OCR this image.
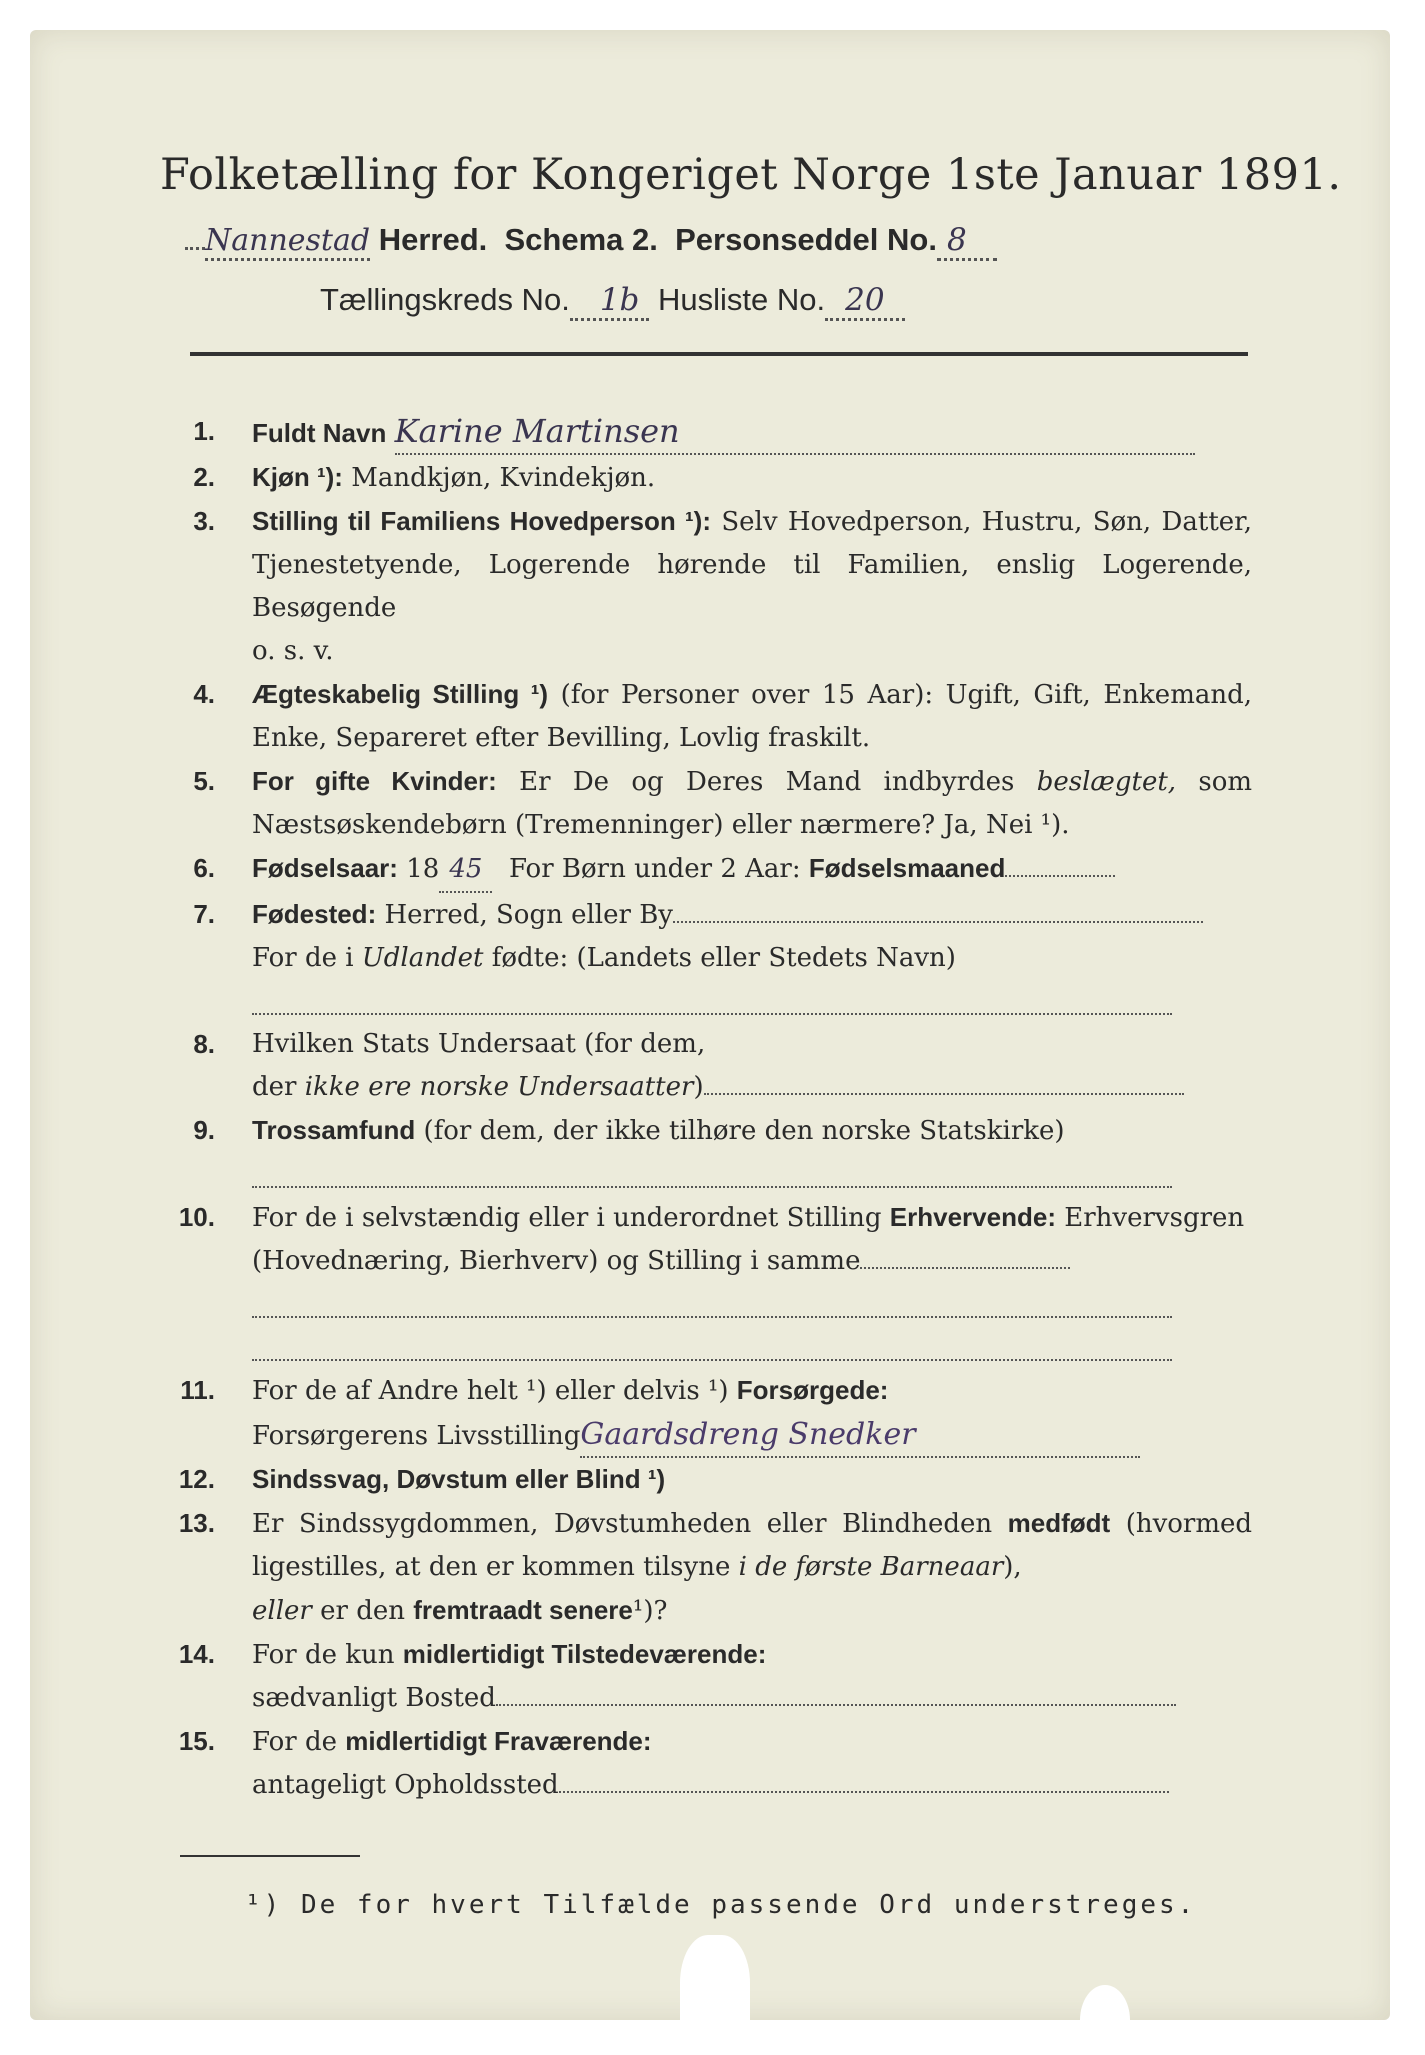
Folketælling for Kongeriget Norge 1ste Januar 1891.
Nannestad Herred. Schema 2. Personseddel No. 8
Tællingskreds No. 1b Husliste No. 20
1. Fuldt Navn Karine Martinsen
2. Kjøn ¹): Mandkjøn, Kvindekjøn.
3. Stilling til Familiens Hovedperson ¹): Selv Hovedperson, Hustru, Søn, Datter, Tjenestetyende, Logerende hørende til Familien, enslig Logerende, Besøgende
o. s. v.
4. Ægteskabelig Stilling ¹) (for Personer over 15 Aar): Ugift, Gift, Enkemand, Enke, Separeret efter Bevilling, Lovlig fraskilt.
5. For gifte Kvinder: Er De og Deres Mand indbyrdes beslægtet, som Næstsøskendebørn (Tremenninger) eller nærmere? Ja, Nei ¹).
6. Fødselsaar: 18 45 For Børn under 2 Aar: Fødselsmaaned
7. Fødested: Herred, Sogn eller By
For de i Udlandet fødte: (Landets eller Stedets Navn)
8. Hvilken Stats Undersaat (for dem,
der ikke ere norske Undersaatter)
9. Trossamfund (for dem, der ikke tilhøre den norske Statskirke)
10. For de i selvstændig eller i underordnet Stilling Erhvervende: Erhvervsgren (Hovednæring, Bierhverv) og Stilling i samme
11. For de af Andre helt ¹) eller delvis ¹) Forsørgede:
Forsørgerens LivsstillingGaardsdreng Snedker
12. Sindssvag, Døvstum eller Blind ¹)
13. Er Sindssygdommen, Døvstumheden eller Blindheden medfødt (hvormed ligestilles, at den er kommen tilsyne i de første Barneaar),
eller er den fremtraadt senere¹)?
14. For de kun midlertidigt Tilstedeværende:
sædvanligt Bosted
15. For de midlertidigt Fraværende:
antageligt Opholdssted
¹) De for hvert Tilfælde passende Ord understreges.
